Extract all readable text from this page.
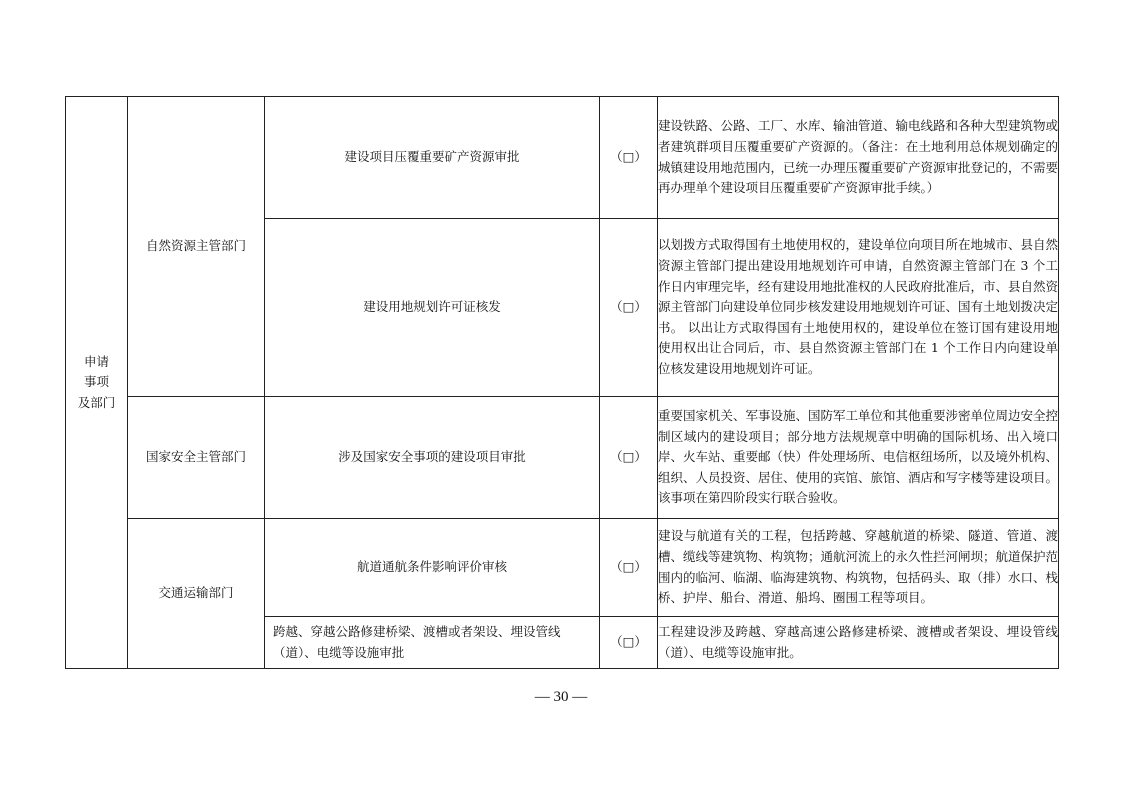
申请
事项
及部门	自然资源主管部门	建设项目压覆重要矿产资源审批	（□）	建设铁路、公路、工厂、水库、输油管道、输电线路和各种大型建筑物或者建筑群项目压覆重要矿产资源的。（备注：在土地利用总体规划确定的城镇建设用地范围内，已统一办理压覆重要矿产资源审批登记的，不需要再办理单个建设项目压覆重要矿产资源审批手续。）
		建设用地规划许可证核发	（□）	以划拨方式取得国有土地使用权的，建设单位向项目所在地城市、县自然资源主管部门提出建设用地规划许可申请，自然资源主管部门在 3 个工作日内审理完毕，经有建设用地批准权的人民政府批准后，市、县自然资源主管部门向建设单位同步核发建设用地规划许可证、国有土地划拨决定书。 以出让方式取得国有土地使用权的，建设单位在签订国有建设用地使用权出让合同后，市、县自然资源主管部门在 1 个工作日内向建设单位核发建设用地规划许可证。
	国家安全主管部门	涉及国家安全事项的建设项目审批	（□）	重要国家机关、军事设施、国防军工单位和其他重要涉密单位周边安全控制区域内的建设项目；部分地方法规规章中明确的国际机场、出入境口岸、火车站、重要邮（快）件处理场所、电信枢纽场所，以及境外机构、组织、人员投资、居住、使用的宾馆、旅馆、酒店和写字楼等建设项目。该事项在第四阶段实行联合验收。
	交通运输部门	航道通航条件影响评价审核	（□）	建设与航道有关的工程，包括跨越、穿越航道的桥梁、隧道、管道、渡槽、缆线等建筑物、构筑物；通航河流上的永久性拦河闸坝；航道保护范围内的临河、临湖、临海建筑物、构筑物，包括码头、取（排）水口、栈桥、护岸、船台、滑道、船坞、圈围工程等项目。
		跨越、穿越公路修建桥梁、渡槽或者架设、埋设管线（道）、电缆等设施审批	（□）	工程建设涉及跨越、穿越高速公路修建桥梁、渡槽或者架设、埋设管线（道）、电缆等设施审批。
— 30 —
